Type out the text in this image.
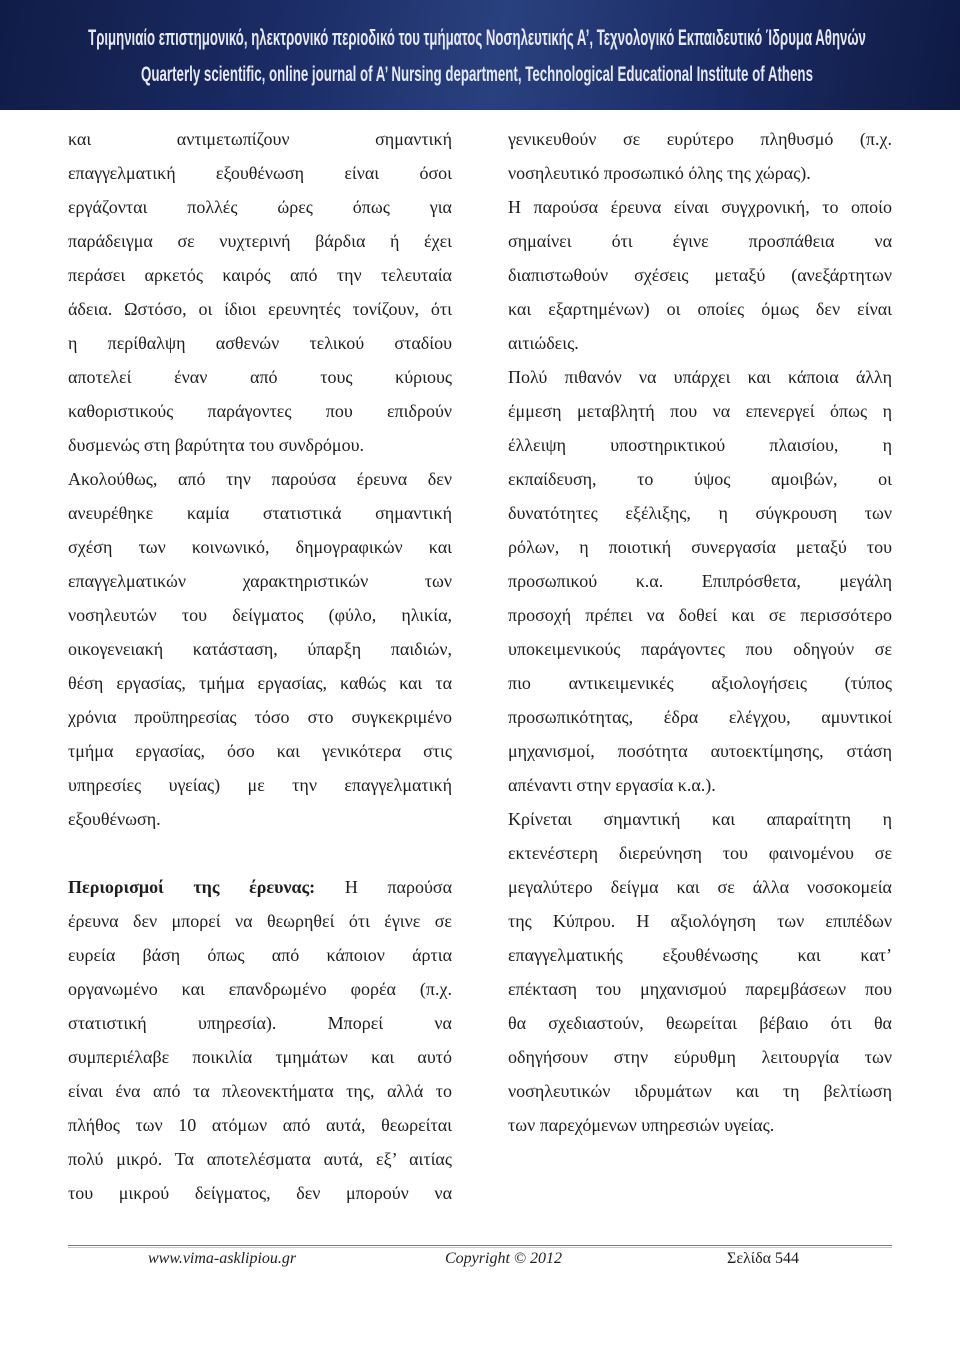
Τριμηνιαίο επιστημονικό, ηλεκτρονικό περιοδικό του τμήματος Νοσηλευτικής Α’, Τεχνολογικό Εκπαιδευτικό Ίδρυμα Αθηνών
Quarterly scientific, online journal of A’ Nursing department, Technological Educational Institute of Athens
και αντιμετωπίζουν σημαντική
επαγγελματική εξουθένωση είναι όσοι
εργάζονται πολλές ώρες όπως για
παράδειγμα σε νυχτερινή βάρδια ή έχει
περάσει αρκετός καιρός από την τελευταία
άδεια. Ωστόσο, οι ίδιοι ερευνητές τονίζουν, ότι
η περίθαλψη ασθενών τελικού σταδίου
αποτελεί έναν από τους κύριους
καθοριστικούς παράγοντες που επιδρούν
δυσμενώς στη βαρύτητα του συνδρόμου.
Ακολούθως, από την παρούσα έρευνα δεν
ανευρέθηκε καμία στατιστικά σημαντική
σχέση των κοινωνικό, δημογραφικών και
επαγγελματικών χαρακτηριστικών των
νοσηλευτών του δείγματος (φύλο, ηλικία,
οικογενειακή κατάσταση, ύπαρξη παιδιών,
θέση εργασίας, τμήμα εργασίας, καθώς και τα
χρόνια προϋπηρεσίας τόσο στο συγκεκριμένο
τμήμα εργασίας, όσο και γενικότερα στις
υπηρεσίες υγείας) με την επαγγελματική
εξουθένωση.
Περιορισμοί της έρευνας: Η παρούσα
έρευνα δεν μπορεί να θεωρηθεί ότι έγινε σε
ευρεία βάση όπως από κάποιον άρτια
οργανωμένο και επανδρωμένο φορέα (π.χ.
στατιστική υπηρεσία). Μπορεί να
συμπεριέλαβε ποικιλία τμημάτων και αυτό
είναι ένα από τα πλεονεκτήματα της, αλλά το
πλήθος των 10 ατόμων από αυτά, θεωρείται
πολύ μικρό. Τα αποτελέσματα αυτά, εξ’ αιτίας
του μικρού δείγματος, δεν μπορούν να
γενικευθούν σε ευρύτερο πληθυσμό (π.χ.
νοσηλευτικό προσωπικό όλης της χώρας).
Η παρούσα έρευνα είναι συγχρονική, το οποίο
σημαίνει ότι έγινε προσπάθεια να
διαπιστωθούν σχέσεις μεταξύ (ανεξάρτητων
και εξαρτημένων) οι οποίες όμως δεν είναι
αιτιώδεις.
Πολύ πιθανόν να υπάρχει και κάποια άλλη
έμμεση μεταβλητή που να επενεργεί όπως η
έλλειψη υποστηρικτικού πλαισίου, η
εκπαίδευση, το ύψος αμοιβών, οι
δυνατότητες εξέλιξης, η σύγκρουση των
ρόλων, η ποιοτική συνεργασία μεταξύ του
προσωπικού κ.α. Επιπρόσθετα, μεγάλη
προσοχή πρέπει να δοθεί και σε περισσότερο
υποκειμενικούς παράγοντες που οδηγούν σε
πιο αντικειμενικές αξιολογήσεις (τύπος
προσωπικότητας, έδρα ελέγχου, αμυντικοί
μηχανισμοί, ποσότητα αυτοεκτίμησης, στάση
απέναντι στην εργασία κ.α.).
Κρίνεται σημαντική και απαραίτητη η
εκτενέστερη διερεύνηση του φαινομένου σε
μεγαλύτερο δείγμα και σε άλλα νοσοκομεία
της Κύπρου. Η αξιολόγηση των επιπέδων
επαγγελματικής εξουθένωσης και κατ’
επέκταση του μηχανισμού παρεμβάσεων που
θα σχεδιαστούν, θεωρείται βέβαιο ότι θα
οδηγήσουν στην εύρυθμη λειτουργία των
νοσηλευτικών ιδρυμάτων και τη βελτίωση
των παρεχόμενων υπηρεσιών υγείας.
www.vima-asklipiou.gr	Copyright © 2012	Σελίδα 544
